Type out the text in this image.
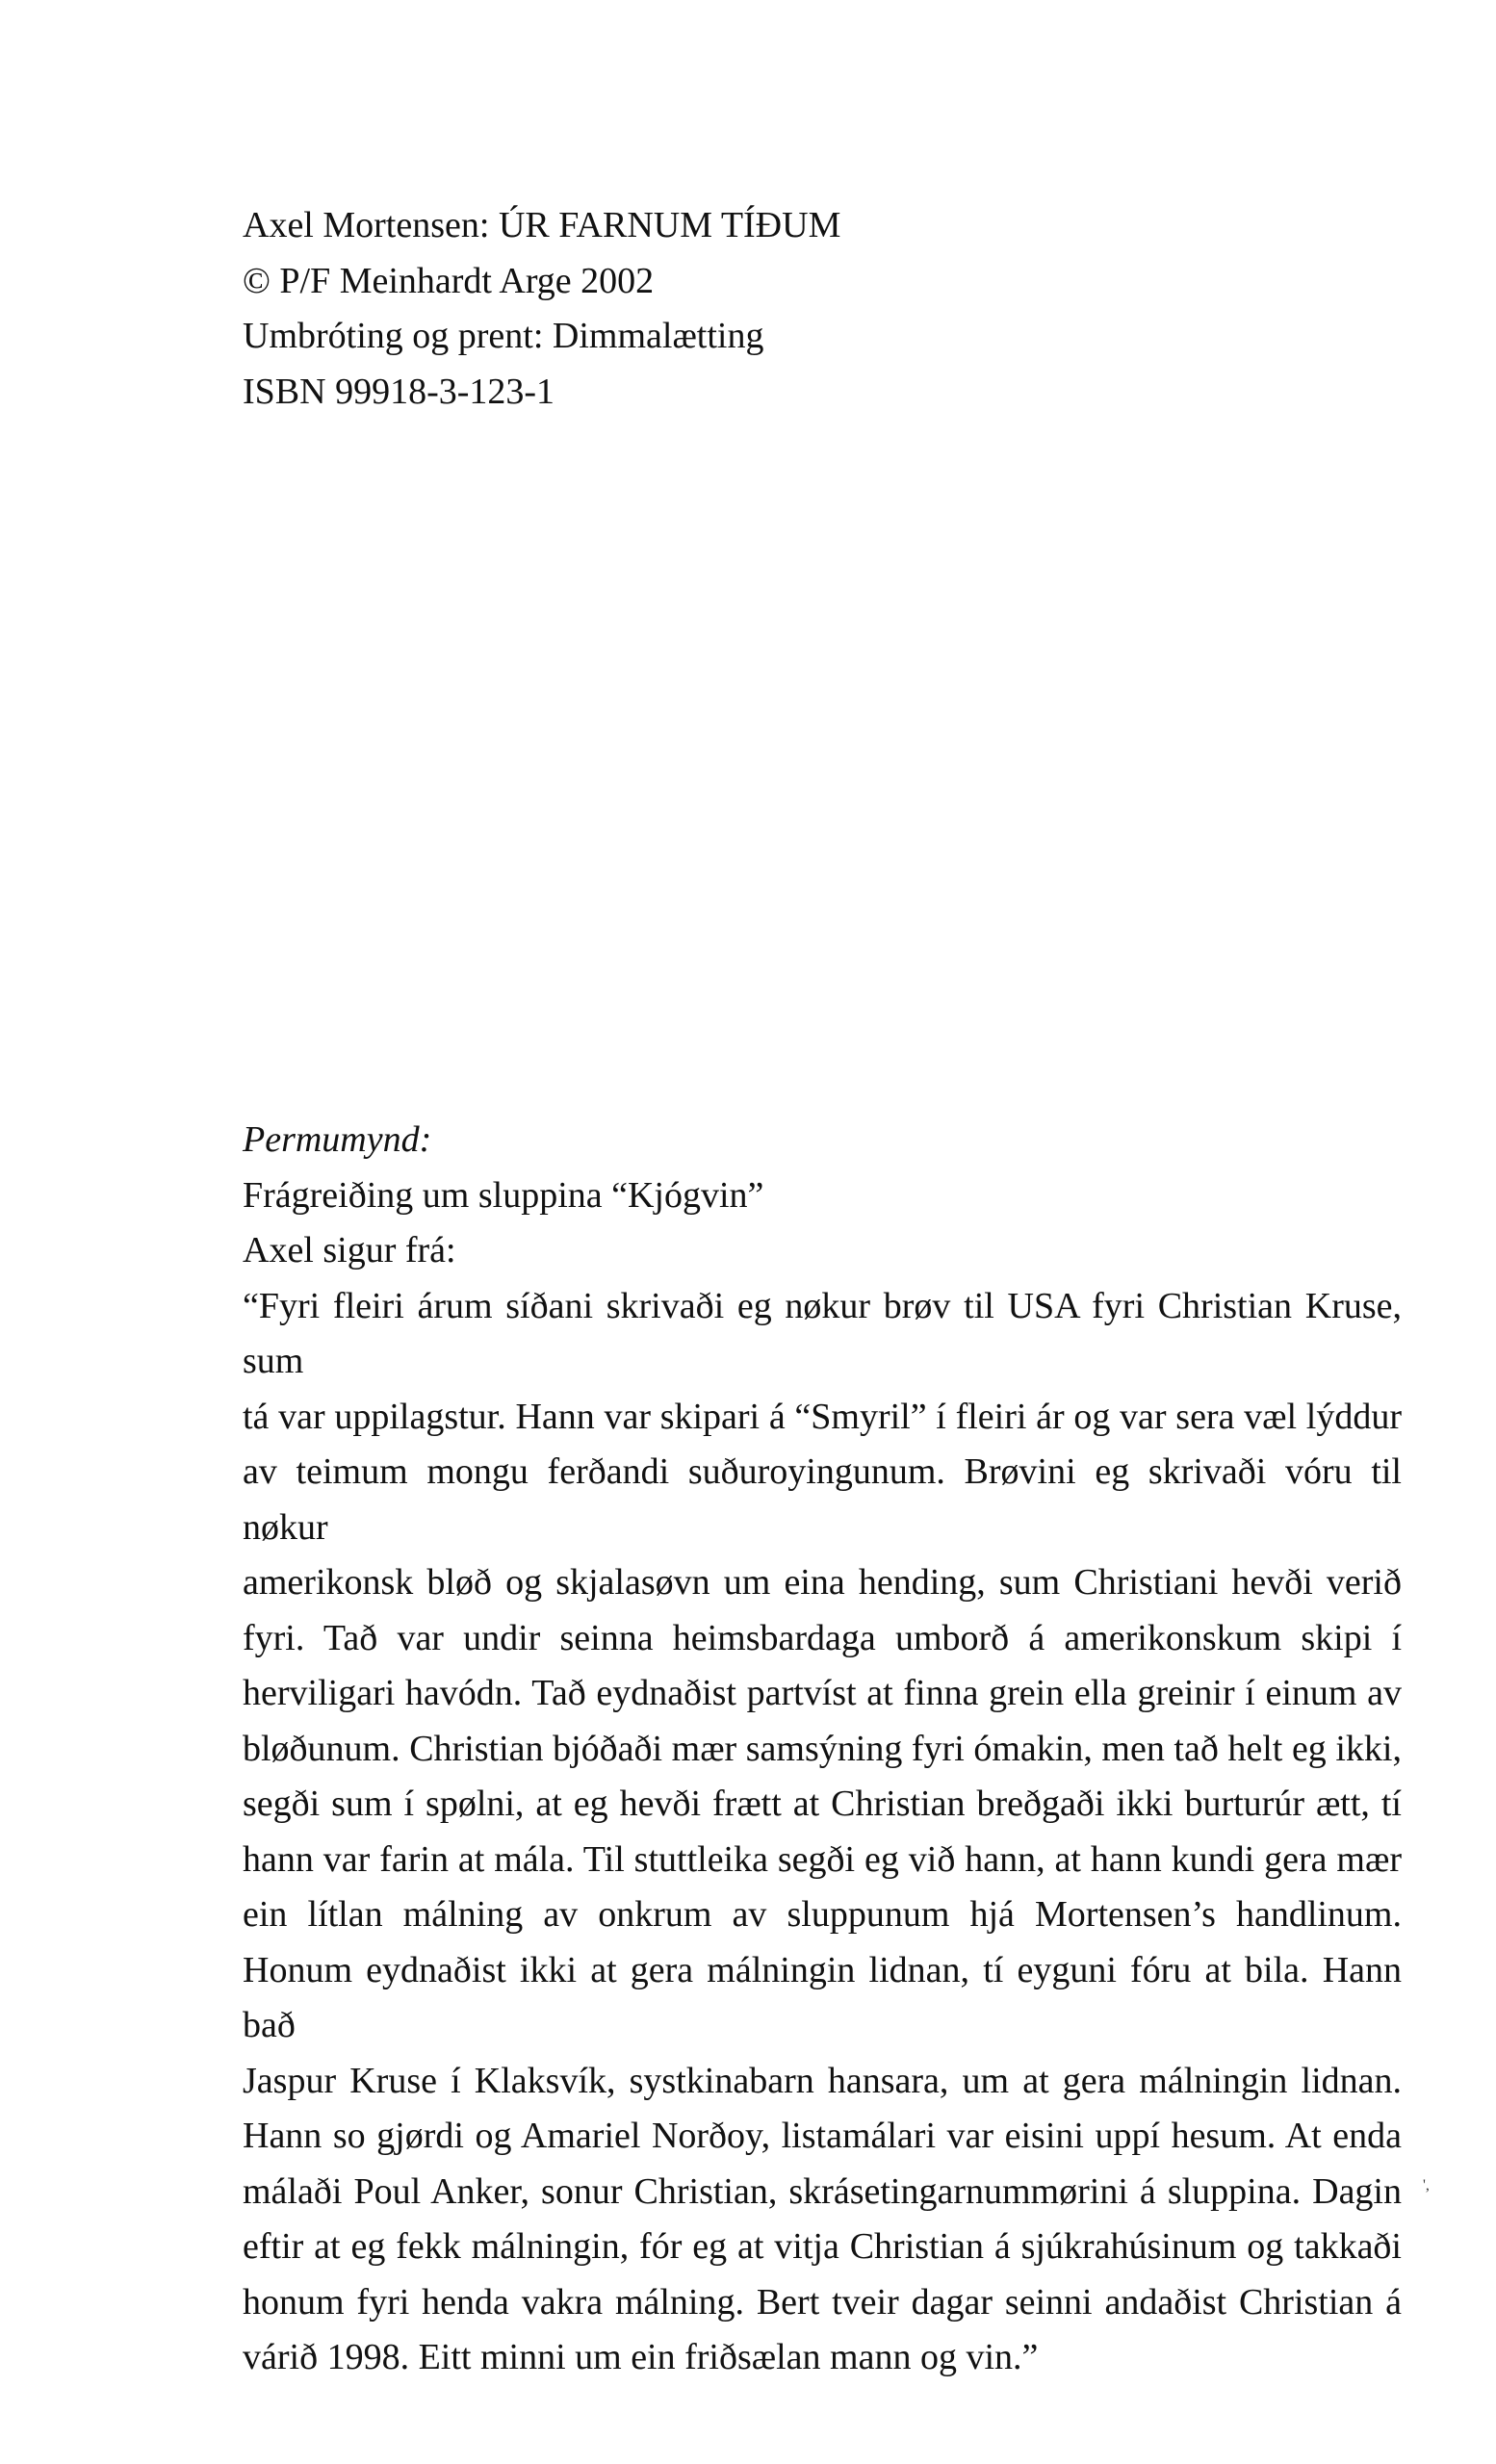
Axel Mortensen: ÚR FARNUM TÍÐUM
© P/F Meinhardt Arge 2002
Umbróting og prent: Dimmalætting
ISBN 99918-3-123-1
Permumynd:
Frágreiðing um sluppina “Kjógvin”
Axel sigur frá:
“Fyri fleiri árum síðani skrivaði eg nøkur brøv til USA fyri Christian Kruse, sum
tá var uppilagstur. Hann var skipari á “Smyril” í fleiri ár og var sera væl lýddur
av teimum mongu ferðandi suðuroyingunum. Brøvini eg skrivaði vóru til nøkur
amerikonsk bløð og skjalasøvn um eina hending, sum Christiani hevði verið
fyri. Tað var undir seinna heimsbardaga umborð á amerikonskum skipi í
herviligari havódn. Tað eydnaðist partvíst at finna grein ella greinir í einum av
bløðunum. Christian bjóðaði mær samsýning fyri ómakin, men tað helt eg ikki,
segði sum í spølni, at eg hevði frætt at Christian breðgaði ikki burturúr ætt, tí
hann var farin at mála. Til stuttleika segði eg við hann, at hann kundi gera mær
ein lítlan málning av onkrum av sluppunum hjá Mortensen’s handlinum.
Honum eydnaðist ikki at gera málningin lidnan, tí eyguni fóru at bila. Hann bað
Jaspur Kruse í Klaksvík, systkinabarn hansara, um at gera málningin lidnan.
Hann so gjørdi og Amariel Norðoy, listamálari var eisini uppí hesum. At enda
málaði Poul Anker, sonur Christian, skrásetingarnummørini á sluppina. Dagin
eftir at eg fekk málningin, fór eg at vitja Christian á sjúkrahúsinum og takkaði
honum fyri henda vakra málning. Bert tveir dagar seinni andaðist Christian á
várið 1998. Eitt minni um ein friðsælan mann og vin.”
',
